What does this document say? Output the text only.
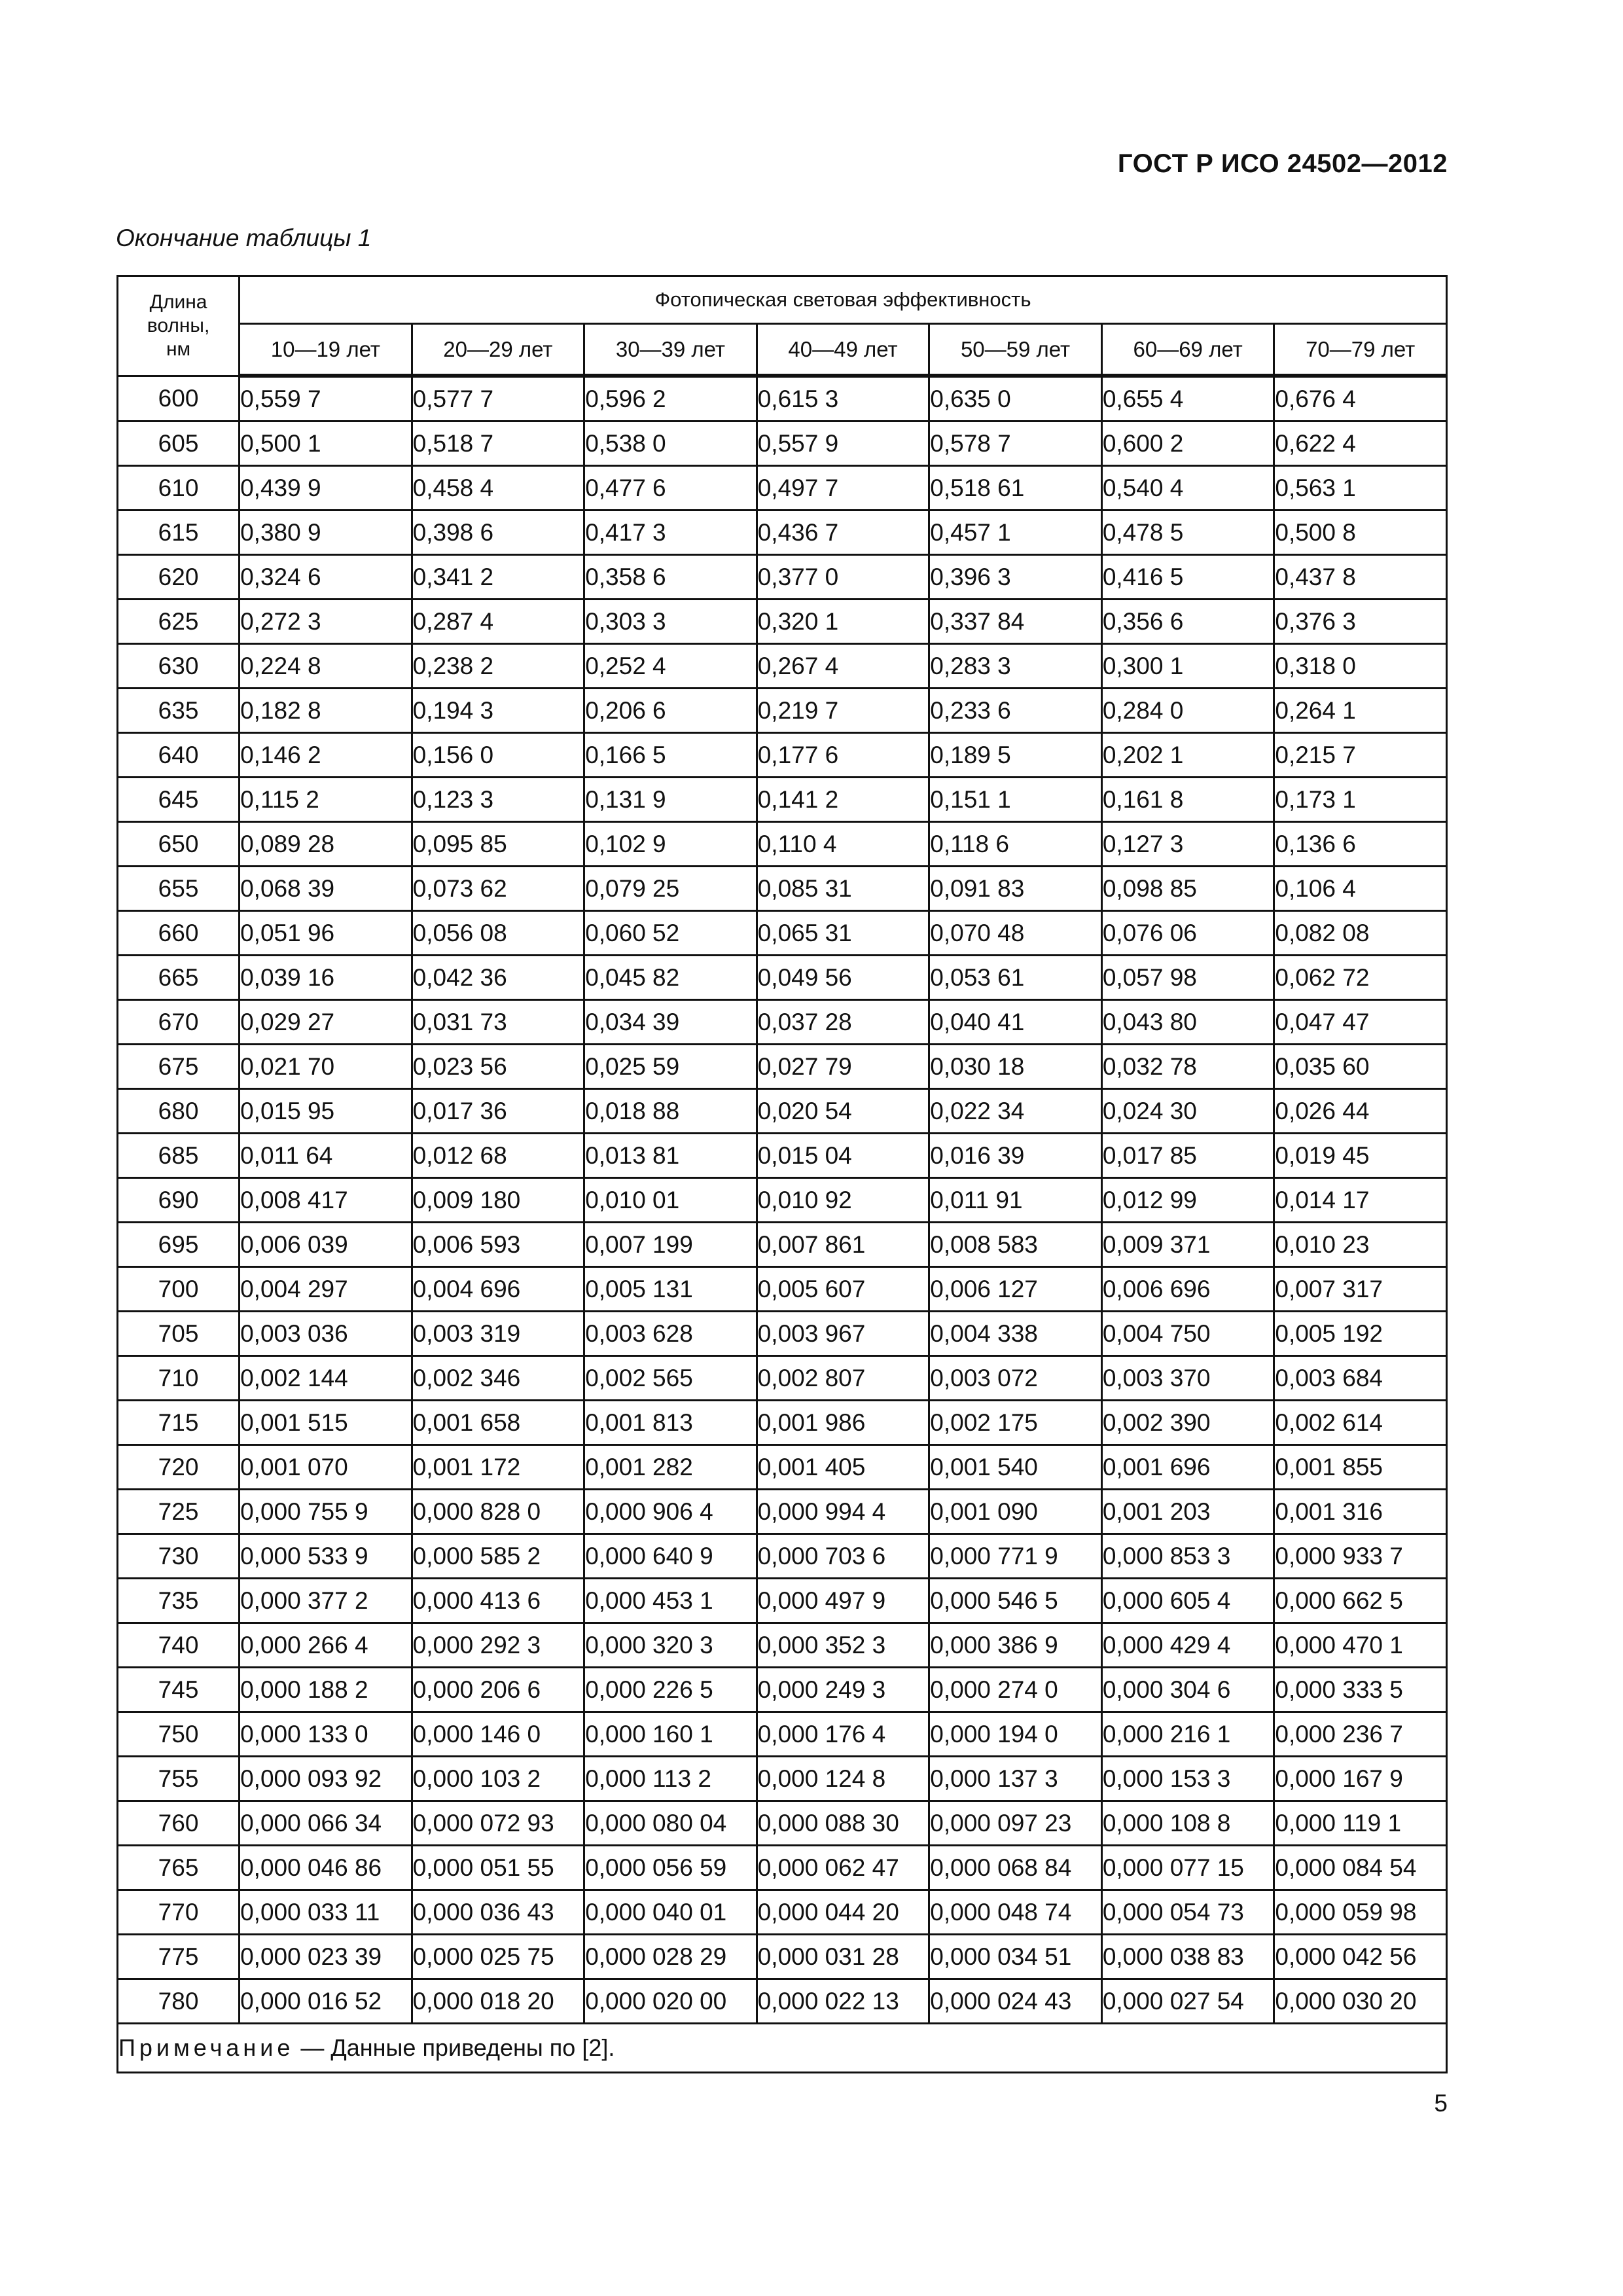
ГОСТ Р ИСО 24502—2012
Окончание таблицы 1
Длина
волны,
нм	Фотопическая световая эффективность						
	10—19 лет	20—29 лет	30—39 лет	40—49 лет	50—59 лет	60—69 лет	70—79 лет
600	0,559 7	0,577 7	0,596 2	0,615 3	0,635 0	0,655 4	0,676 4
605	0,500 1	0,518 7	0,538 0	0,557 9	0,578 7	0,600 2	0,622 4
610	0,439 9	0,458 4	0,477 6	0,497 7	0,518 61	0,540 4	0,563 1
615	0,380 9	0,398 6	0,417 3	0,436 7	0,457 1	0,478 5	0,500 8
620	0,324 6	0,341 2	0,358 6	0,377 0	0,396 3	0,416 5	0,437 8
625	0,272 3	0,287 4	0,303 3	0,320 1	0,337 84	0,356 6	0,376 3
630	0,224 8	0,238 2	0,252 4	0,267 4	0,283 3	0,300 1	0,318 0
635	0,182 8	0,194 3	0,206 6	0,219 7	0,233 6	0,284 0	0,264 1
640	0,146 2	0,156 0	0,166 5	0,177 6	0,189 5	0,202 1	0,215 7
645	0,115 2	0,123 3	0,131 9	0,141 2	0,151 1	0,161 8	0,173 1
650	0,089 28	0,095 85	0,102 9	0,110 4	0,118 6	0,127 3	0,136 6
655	0,068 39	0,073 62	0,079 25	0,085 31	0,091 83	0,098 85	0,106 4
660	0,051 96	0,056 08	0,060 52	0,065 31	0,070 48	0,076 06	0,082 08
665	0,039 16	0,042 36	0,045 82	0,049 56	0,053 61	0,057 98	0,062 72
670	0,029 27	0,031 73	0,034 39	0,037 28	0,040 41	0,043 80	0,047 47
675	0,021 70	0,023 56	0,025 59	0,027 79	0,030 18	0,032 78	0,035 60
680	0,015 95	0,017 36	0,018 88	0,020 54	0,022 34	0,024 30	0,026 44
685	0,011 64	0,012 68	0,013 81	0,015 04	0,016 39	0,017 85	0,019 45
690	0,008 417	0,009 180	0,010 01	0,010 92	0,011 91	0,012 99	0,014 17
695	0,006 039	0,006 593	0,007 199	0,007 861	0,008 583	0,009 371	0,010 23
700	0,004 297	0,004 696	0,005 131	0,005 607	0,006 127	0,006 696	0,007 317
705	0,003 036	0,003 319	0,003 628	0,003 967	0,004 338	0,004 750	0,005 192
710	0,002 144	0,002 346	0,002 565	0,002 807	0,003 072	0,003 370	0,003 684
715	0,001 515	0,001 658	0,001 813	0,001 986	0,002 175	0,002 390	0,002 614
720	0,001 070	0,001 172	0,001 282	0,001 405	0,001 540	0,001 696	0,001 855
725	0,000 755 9	0,000 828 0	0,000 906 4	0,000 994 4	0,001 090	0,001 203	0,001 316
730	0,000 533 9	0,000 585 2	0,000 640 9	0,000 703 6	0,000 771 9	0,000 853 3	0,000 933 7
735	0,000 377 2	0,000 413 6	0,000 453 1	0,000 497 9	0,000 546 5	0,000 605 4	0,000 662 5
740	0,000 266 4	0,000 292 3	0,000 320 3	0,000 352 3	0,000 386 9	0,000 429 4	0,000 470 1
745	0,000 188 2	0,000 206 6	0,000 226 5	0,000 249 3	0,000 274 0	0,000 304 6	0,000 333 5
750	0,000 133 0	0,000 146 0	0,000 160 1	0,000 176 4	0,000 194 0	0,000 216 1	0,000 236 7
755	0,000 093 92	0,000 103 2	0,000 113 2	0,000 124 8	0,000 137 3	0,000 153 3	0,000 167 9
760	0,000 066 34	0,000 072 93	0,000 080 04	0,000 088 30	0,000 097 23	0,000 108 8	0,000 119 1
765	0,000 046 86	0,000 051 55	0,000 056 59	0,000 062 47	0,000 068 84	0,000 077 15	0,000 084 54
770	0,000 033 11	0,000 036 43	0,000 040 01	0,000 044 20	0,000 048 74	0,000 054 73	0,000 059 98
775	0,000 023 39	0,000 025 75	0,000 028 29	0,000 031 28	0,000 034 51	0,000 038 83	0,000 042 56
780	0,000 016 52	0,000 018 20	0,000 020 00	0,000 022 13	0,000 024 43	0,000 027 54	0,000 030 20
Примечание — Данные приведены по [2].							
5
